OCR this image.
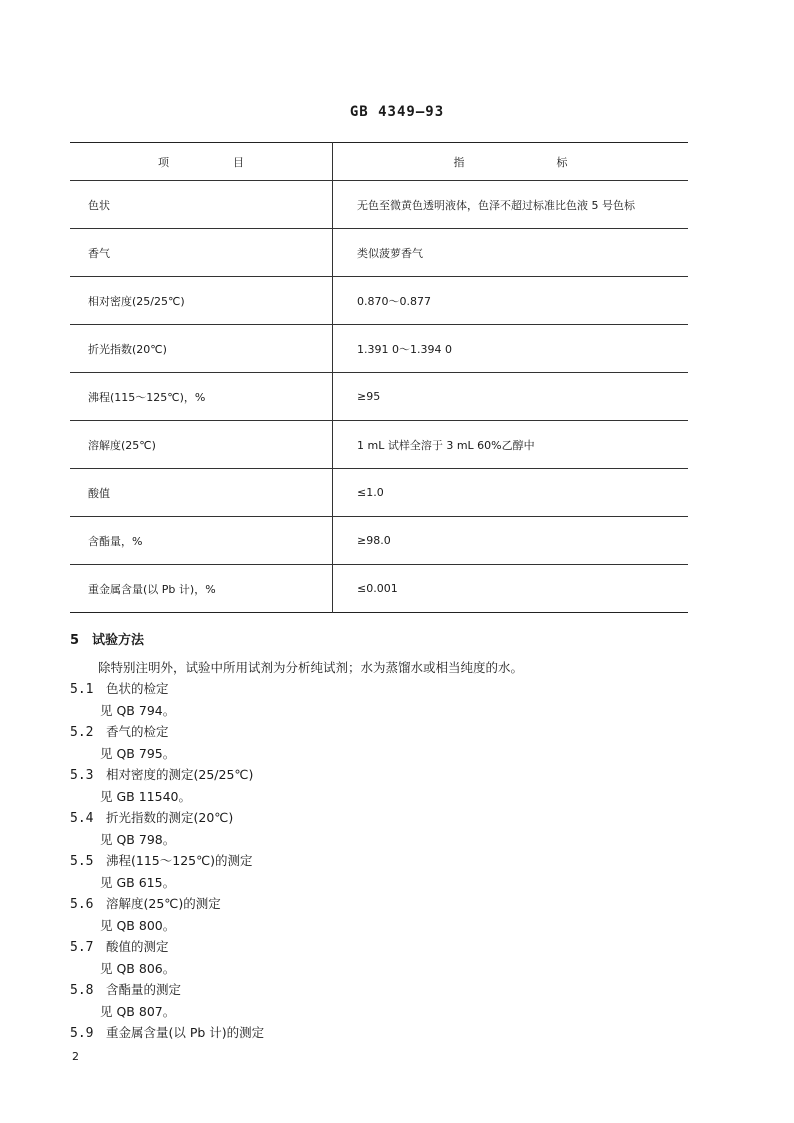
GB 4349—93
项目	指标
色状	无色至微黄色透明液体，色泽不超过标准比色液 5 号色标
香气	类似菠萝香气
相对密度(25/25℃)	0.870～0.877
折光指数(20℃)	1.391 0～1.394 0
沸程(115～125℃)，%	≥95
溶解度(25℃)	1 mL 试样全溶于 3 mL 60%乙醇中
酸值	≤1.0
含酯量，%	≥98.0
重金属含量(以 Pb 计)，%	≤0.001
5 试验方法
除特别注明外，试验中所用试剂为分析纯试剂；水为蒸馏水或相当纯度的水。
5.1 色状的检定
见 QB 794。
5.2 香气的检定
见 QB 795。
5.3 相对密度的测定(25/25℃)
见 GB 11540。
5.4 折光指数的测定(20℃)
见 QB 798。
5.5 沸程(115～125℃)的测定
见 GB 615。
5.6 溶解度(25℃)的测定
见 QB 800。
5.7 酸值的测定
见 QB 806。
5.8 含酯量的测定
见 QB 807。
5.9 重金属含量(以 Pb 计)的测定
2
